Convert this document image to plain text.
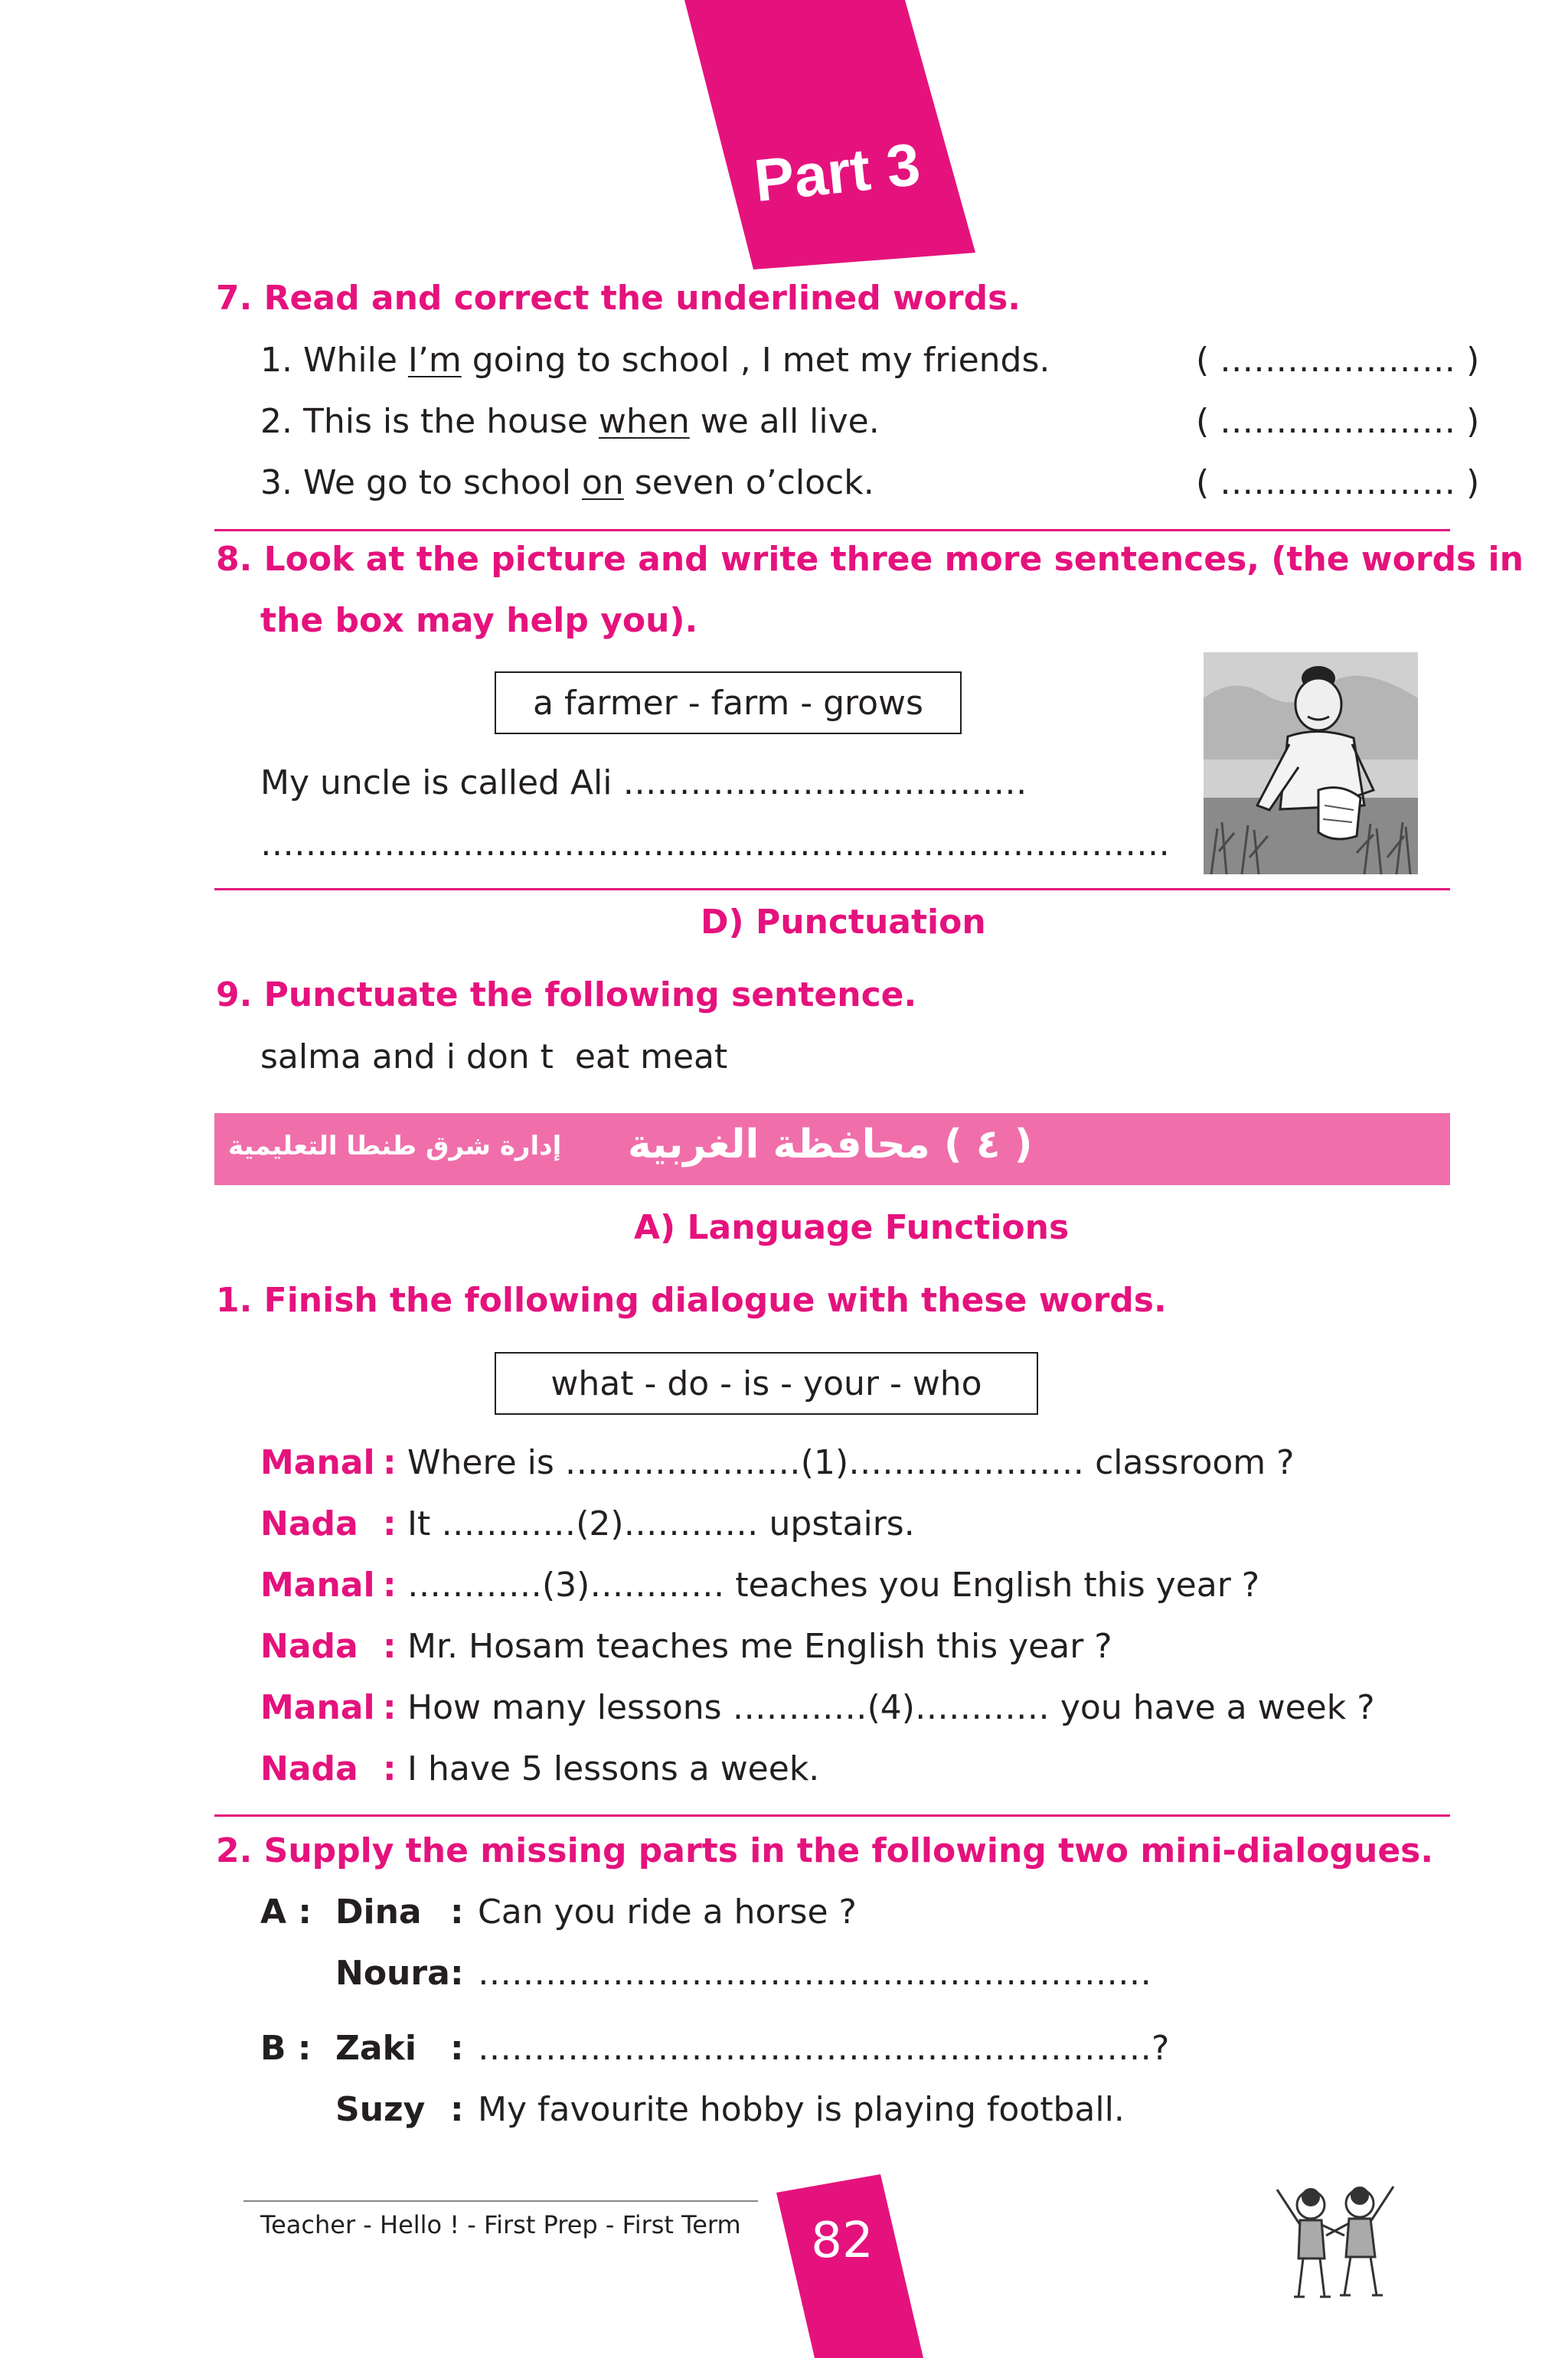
Part 3
7. Read and correct the underlined words.
1. While I’m going to school , I met my friends.	( ………………… )
2. This is the house when we all live.	( ………………… )
3. We go to school on seven o’clock.	( ………………… )
8. Look at the picture and write three more sentences, (the words in
the box may help you).
a farmer - farm - grows
My uncle is called Ali ………………………………
………………………………………………………………………
D) Punctuation
9. Punctuate the following sentence.
salma and i don t  eat meat
إدارة شرق طنطا التعليمية ( ٤ ) محافظة الغربية
A) Language Functions
1. Finish the following dialogue with these words.
what - do - is - your - who
Manal : Where is …………………(1)………………… classroom ?
Nada : It …………(2)………… upstairs.
Manal : …………(3)………… teaches you English this year ?
Nada : Mr. Hosam teaches me English this year ?
Manal : How many lessons …………(4)………… you have a week ?
Nada : I have 5 lessons a week.
2. Supply the missing parts in the following two mini-dialogues.
A : Dina : Can you ride a horse ?
Noura: ……………………………………………………
B : Zaki : ……………………………………………………?
Suzy : My favourite hobby is playing football.
Teacher - Hello ! - First Prep - First Term 82
